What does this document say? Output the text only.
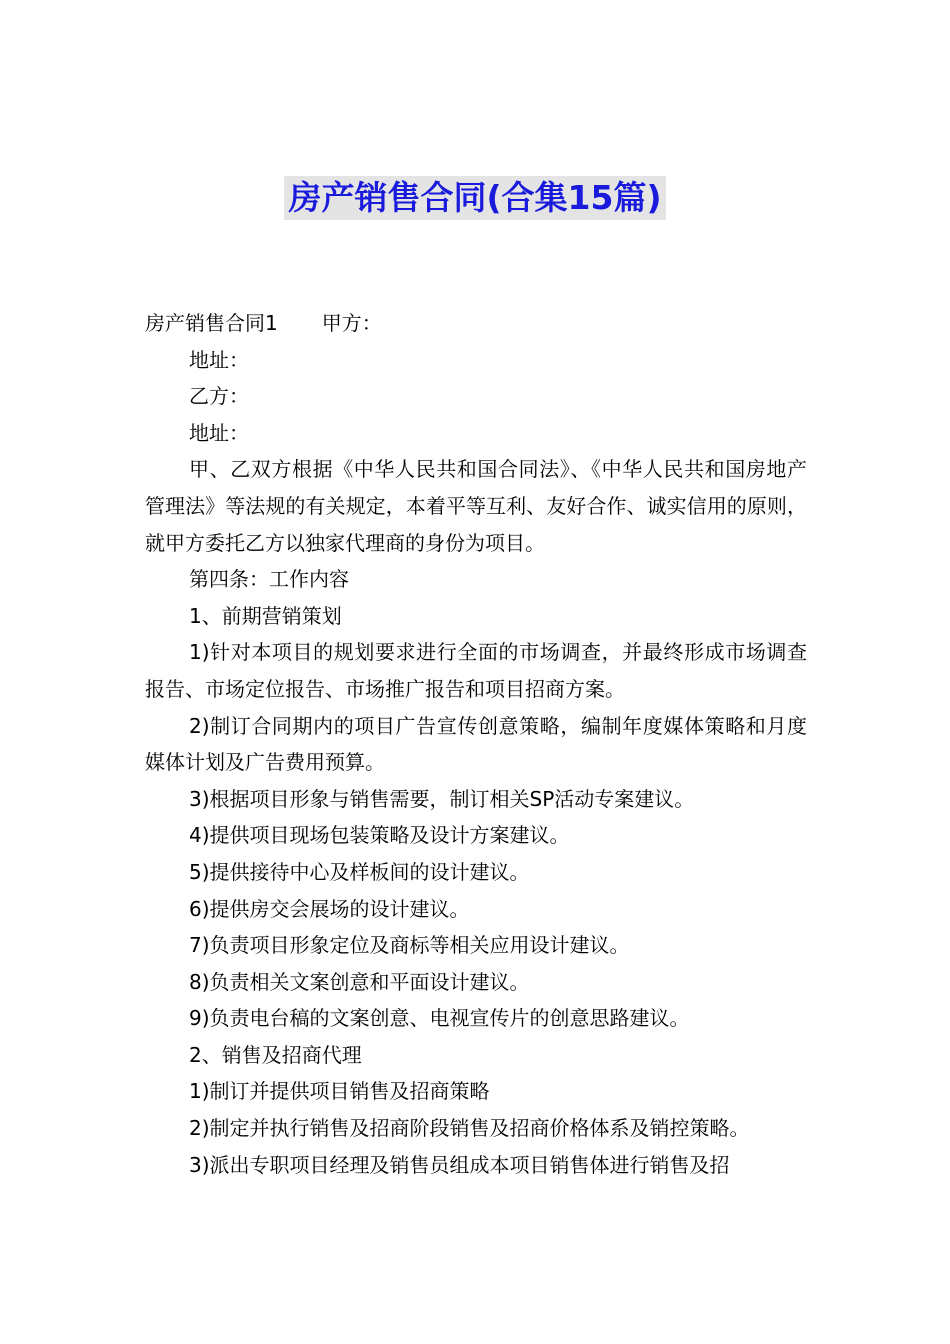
房产销售合同(合集15篇)

房产销售合同1 甲方：

地址：

乙方：

地址：

甲、乙双方根据《中华人民共和国合同法》、《中华人民共和国房地产管理法》等法规的有关规定，本着平等互利、友好合作、诚实信用的原则，就甲方委托乙方以独家代理商的身份为项目。

第四条：工作内容

1、前期营销策划

1)针对本项目的规划要求进行全面的市场调查，并最终形成市场调查报告、市场定位报告、市场推广报告和项目招商方案。

2)制订合同期内的项目广告宣传创意策略，编制年度媒体策略和月度媒体计划及广告费用预算。

3)根据项目形象与销售需要，制订相关SP活动专案建议。

4)提供项目现场包装策略及设计方案建议。

5)提供接待中心及样板间的设计建议。

6)提供房交会展场的设计建议。

7)负责项目形象定位及商标等相关应用设计建议。

8)负责相关文案创意和平面设计建议。

9)负责电台稿的文案创意、电视宣传片的创意思路建议。

2、销售及招商代理

1)制订并提供项目销售及招商策略

2)制定并执行销售及招商阶段销售及招商价格体系及销控策略。

3)派出专职项目经理及销售员组成本项目销售体进行销售及招
